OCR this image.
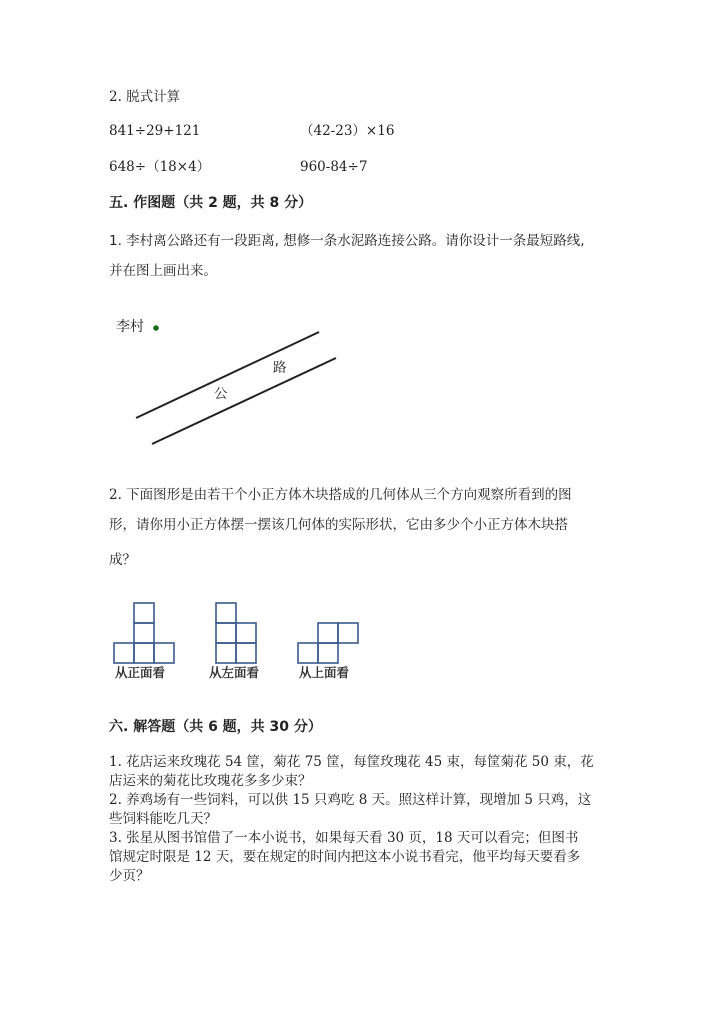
2. 脱式计算
841÷29+121	（42-23）×16
648÷（18×4）	960-84÷7
五. 作图题（共 2 题，共 8 分）
1. 李村离公路还有一段距离, 想修一条水泥路连接公路。请你设计一条最短路线,
并在图上画出来。
李村
公
路
2. 下面图形是由若干个小正方体木块搭成的几何体从三个方向观察所看到的图
形，请你用小正方体摆一摆该几何体的实际形状，它由多少个小正方体木块搭
成？
从正面看	从左面看	从上面看
六. 解答题（共 6 题，共 30 分）
1. 花店运来玫瑰花 54 筐，菊花 75 筐，每筐玫瑰花 45 束，每筐菊花 50 束，花
店运来的菊花比玫瑰花多多少束？
2. 养鸡场有一些饲料，可以供 15 只鸡吃 8 天。照这样计算，现增加 5 只鸡，这
些饲料能吃几天？
3. 张星从图书馆借了一本小说书，如果每天看 30 页，18 天可以看完；但图书
馆规定时限是 12 天，要在规定的时间内把这本小说书看完，他平均每天要看多
少页？
